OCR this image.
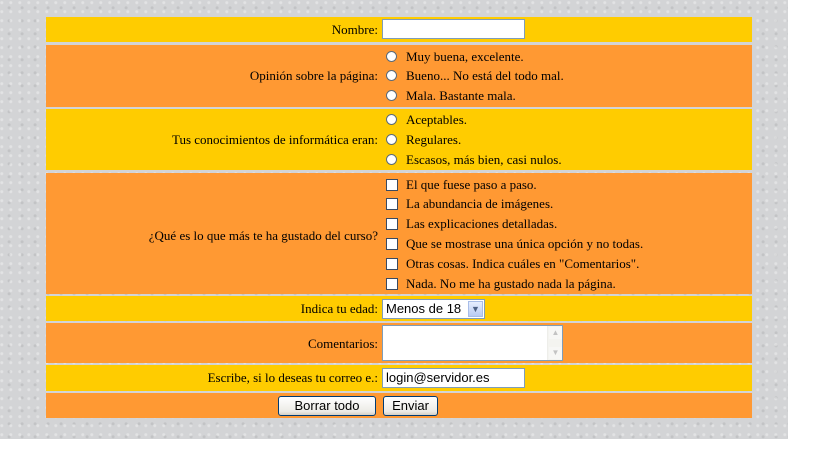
Nombre:
Opinión sobre la página:
Muy buena, excelente.
Bueno... No está del todo mal.
Mala. Bastante mala.
Tus conocimientos de informática eran:
Aceptables.
Regulares.
Escasos, más bien, casi nulos.
¿Qué es lo que más te ha gustado del curso?
El que fuese paso a paso.
La abundancia de imágenes.
Las explicaciones detalladas.
Que se mostrase una única opción y no todas.
Otras cosas. Indica cuáles en "Comentarios".
Nada. No me ha gustado nada la página.
Indica tu edad: Menos de 18	▼
Comentarios:
▲
▼
Escribe, si lo deseas tu correo e.: login@servidor.es
Borrar todo	Enviar
